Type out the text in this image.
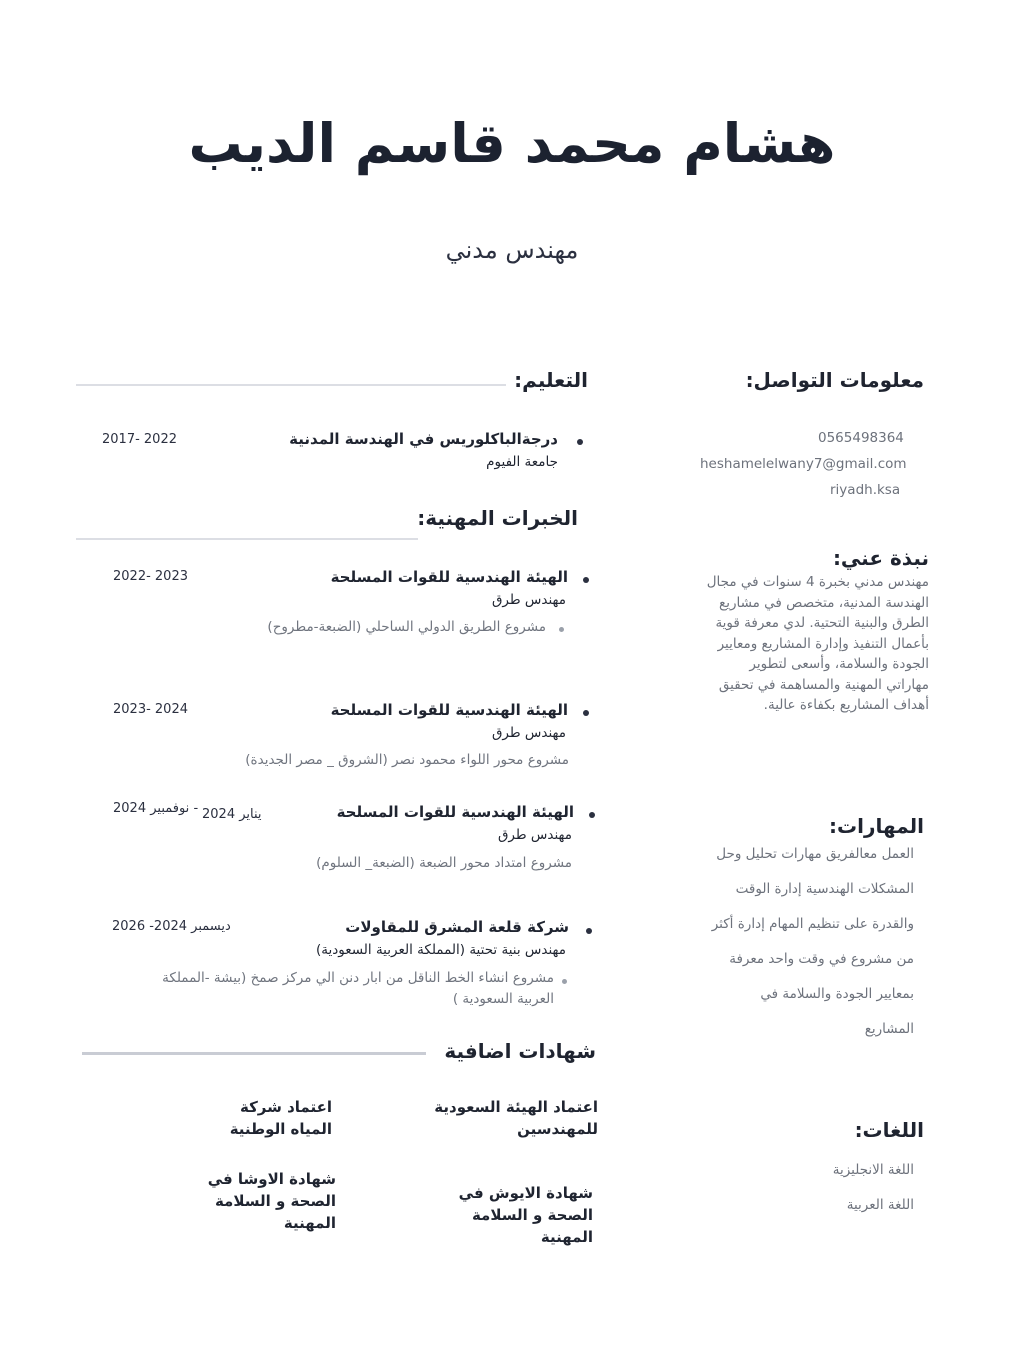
هشام محمد قاسم الديب
مهندس مدني
معلومات التواصل:
0565498364
heshamelelwany7@gmail.com
riyadh.ksa
نبذة عني:
مهندس مدني بخبرة 4 سنوات في مجال
الهندسة المدنية، متخصص في مشاريع
الطرق والبنية التحتية. لدي معرفة قوية
بأعمال التنفيذ وإدارة المشاريع ومعايير
الجودة والسلامة، وأسعى لتطوير
مهاراتي المهنية والمساهمة في تحقيق
أهداف المشاريع بكفاءة عالية.
المهارات:
العمل معالفريق مهارات تحليل وحل
المشكلات الهندسية إدارة الوقت
والقدرة على تنظيم المهام إدارة أكثر
من مشروع في وقت واحد معرفة
بمعايير الجودة والسلامة في
المشاريع
اللغات:
اللغة الانجليزية
اللغة العربية
التعليم:
درجةالباكلوريس في الهندسة المدنية
جامعة الفيوم
2017- 2022
الخبرات المهنية:
الهيئة الهندسية للقوات المسلحة
مهندس طرق
مشروع الطريق الدولي الساحلي (الضبعة-مطروح)
2022- 2023
الهيئة الهندسية للقوات المسلحة
مهندس طرق
مشروع محور اللواء محمود نصر (الشروق _ مصر الجديدة)
2023- 2024
الهيئة الهندسية للقوات المسلحة
مهندس طرق
مشروع امتداد محور الضبعة (الضبعة_ السلوم)
2024 نوفمبير - يناير 2024
شركة قلعة المشرق للمقاولات
مهندس بنية تحتية (المملكة العربية السعودية)
مشروع انشاء الخط الناقل من ابار دنن الي مركز صمخ (بيشة -المملكة
العربية السعودية )
ديسمبر 2024- 2026
شهادات اضافية
اعتماد الهيئة السعودية
للمهندسين
اعتماد شركة
المياه الوطنية
شهادة الايوش في
الصحة و السلامة
المهنية
شهادة الاوشا في
الصحة و السلامة
المهنية
